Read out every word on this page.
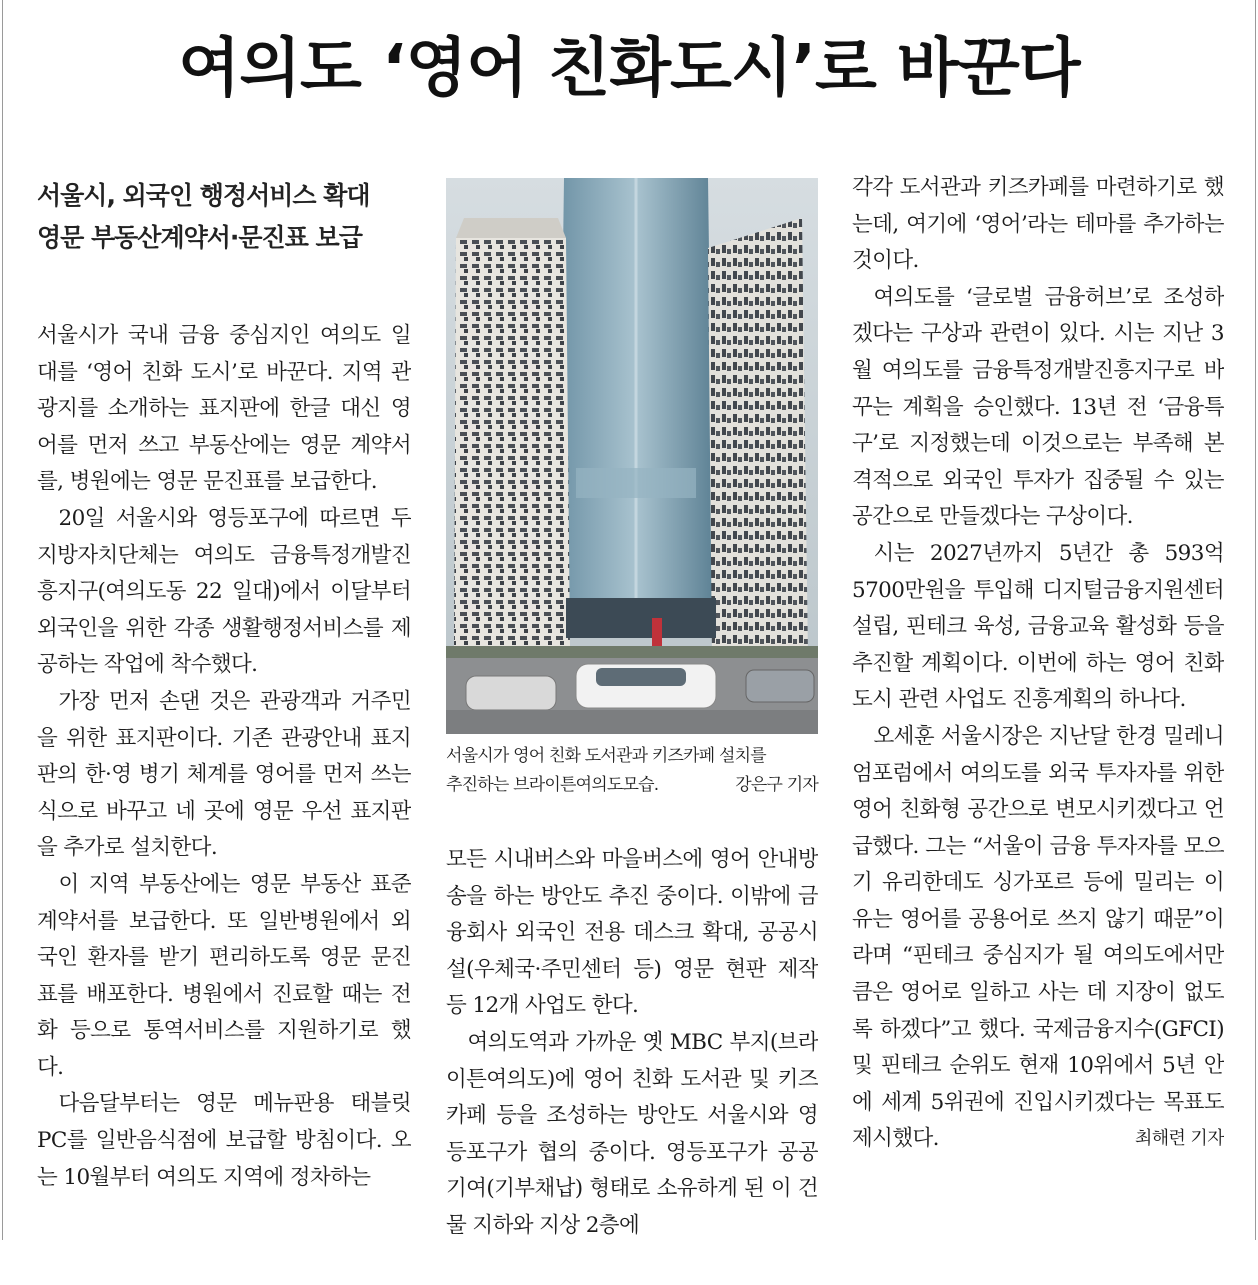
여의도 ‘영어 친화도시’로 바꾼다
서울시, 외국인 행정서비스 확대
영문 부동산계약서·문진표 보급

서울시가 국내 금융 중심지인 여의도 일대를 ‘영어 친화 도시’로 바꾼다. 지역 관광지를 소개하는 표지판에 한글 대신 영어를 먼저 쓰고 부동산에는 영문 계약서를, 병원에는 영문 문진표를 보급한다.

20일 서울시와 영등포구에 따르면 두 지방자치단체는 여의도 금융특정개발진흥지구(여의도동 22 일대)에서 이달부터 외국인을 위한 각종 생활행정서비스를 제공하는 작업에 착수했다.

가장 먼저 손댄 것은 관광객과 거주민을 위한 표지판이다. 기존 관광안내 표지판의 한·영 병기 체계를 영어를 먼저 쓰는 식으로 바꾸고 네 곳에 영문 우선 표지판을 추가로 설치한다.

이 지역 부동산에는 영문 부동산 표준계약서를 보급한다. 또 일반병원에서 외국인 환자를 받기 편리하도록 영문 문진표를 배포한다. 병원에서 진료할 때는 전화 등으로 통역서비스를 지원하기로 했다.

다음달부터는 영문 메뉴판용 태블릿 PC를 일반음식점에 보급할 방침이다. 오는 10월부터 여의도 지역에 정차하는

서울시가 영어 친화 도서관과 키즈카페 설치를
추진하는 브라이튼여의도모습.	강은구 기자

모든 시내버스와 마을버스에 영어 안내방송을 하는 방안도 추진 중이다. 이밖에 금융회사 외국인 전용 데스크 확대, 공공시설(우체국·주민센터 등) 영문 현판 제작 등 12개 사업도 한다.

여의도역과 가까운 옛 MBC 부지(브라이튼여의도)에 영어 친화 도서관 및 키즈카페 등을 조성하는 방안도 서울시와 영등포구가 협의 중이다. 영등포구가 공공기여(기부채납) 형태로 소유하게 된 이 건물 지하와 지상 2층에

각각 도서관과 키즈카페를 마련하기로 했는데, 여기에 ‘영어’라는 테마를 추가하는 것이다.

여의도를 ‘글로벌 금융허브’로 조성하겠다는 구상과 관련이 있다. 시는 지난 3월 여의도를 금융특정개발진흥지구로 바꾸는 계획을 승인했다. 13년 전 ‘금융특구’로 지정했는데 이것으로는 부족해 본격적으로 외국인 투자가 집중될 수 있는 공간으로 만들겠다는 구상이다.

시는 2027년까지 5년간 총 593억 5700만원을 투입해 디지털금융지원센터 설립, 핀테크 육성, 금융교육 활성화 등을 추진할 계획이다. 이번에 하는 영어 친화도시 관련 사업도 진흥계획의 하나다.

오세훈 서울시장은 지난달 한경 밀레니엄포럼에서 여의도를 외국 투자자를 위한 영어 친화형 공간으로 변모시키겠다고 언급했다. 그는 “서울이 금융 투자자를 모으기 유리한데도 싱가포르 등에 밀리는 이유는 영어를 공용어로 쓰지 않기 때문”이라며 “핀테크 중심지가 될 여의도에서만큼은 영어로 일하고 사는 데 지장이 없도록 하겠다”고 했다. 국제금융지수(GFCI) 및 핀테크 순위도 현재 10위에서 5년 안에 세계 5위권에 진입시키겠다는 목표도 제시했다.	최해련 기자
